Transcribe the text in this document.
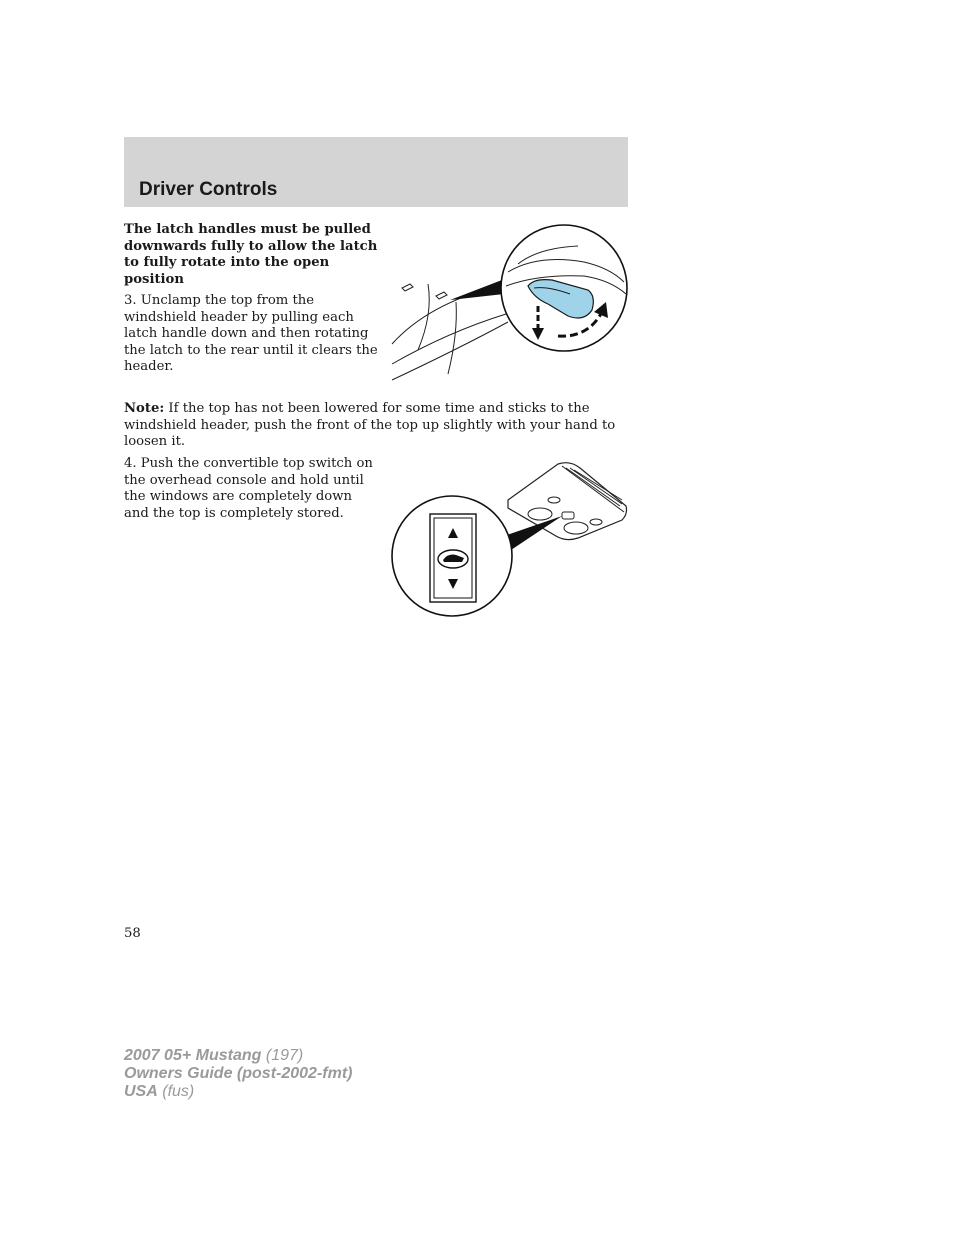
Driver Controls

The latch handles must be pulled downwards fully to allow the latch to fully rotate into the open position

3. Unclamp the top from the windshield header by pulling each latch handle down and then rotating the latch to the rear until it clears the header.

Note: If the top has not been lowered for some time and sticks to the windshield header, push the front of the top up slightly with your hand to loosen it.

4. Push the convertible top switch on the overhead console and hold until the windows are completely down and the top is completely stored.

58

2007 05+ Mustang (197)
Owners Guide (post-2002-fmt)
USA (fus)
